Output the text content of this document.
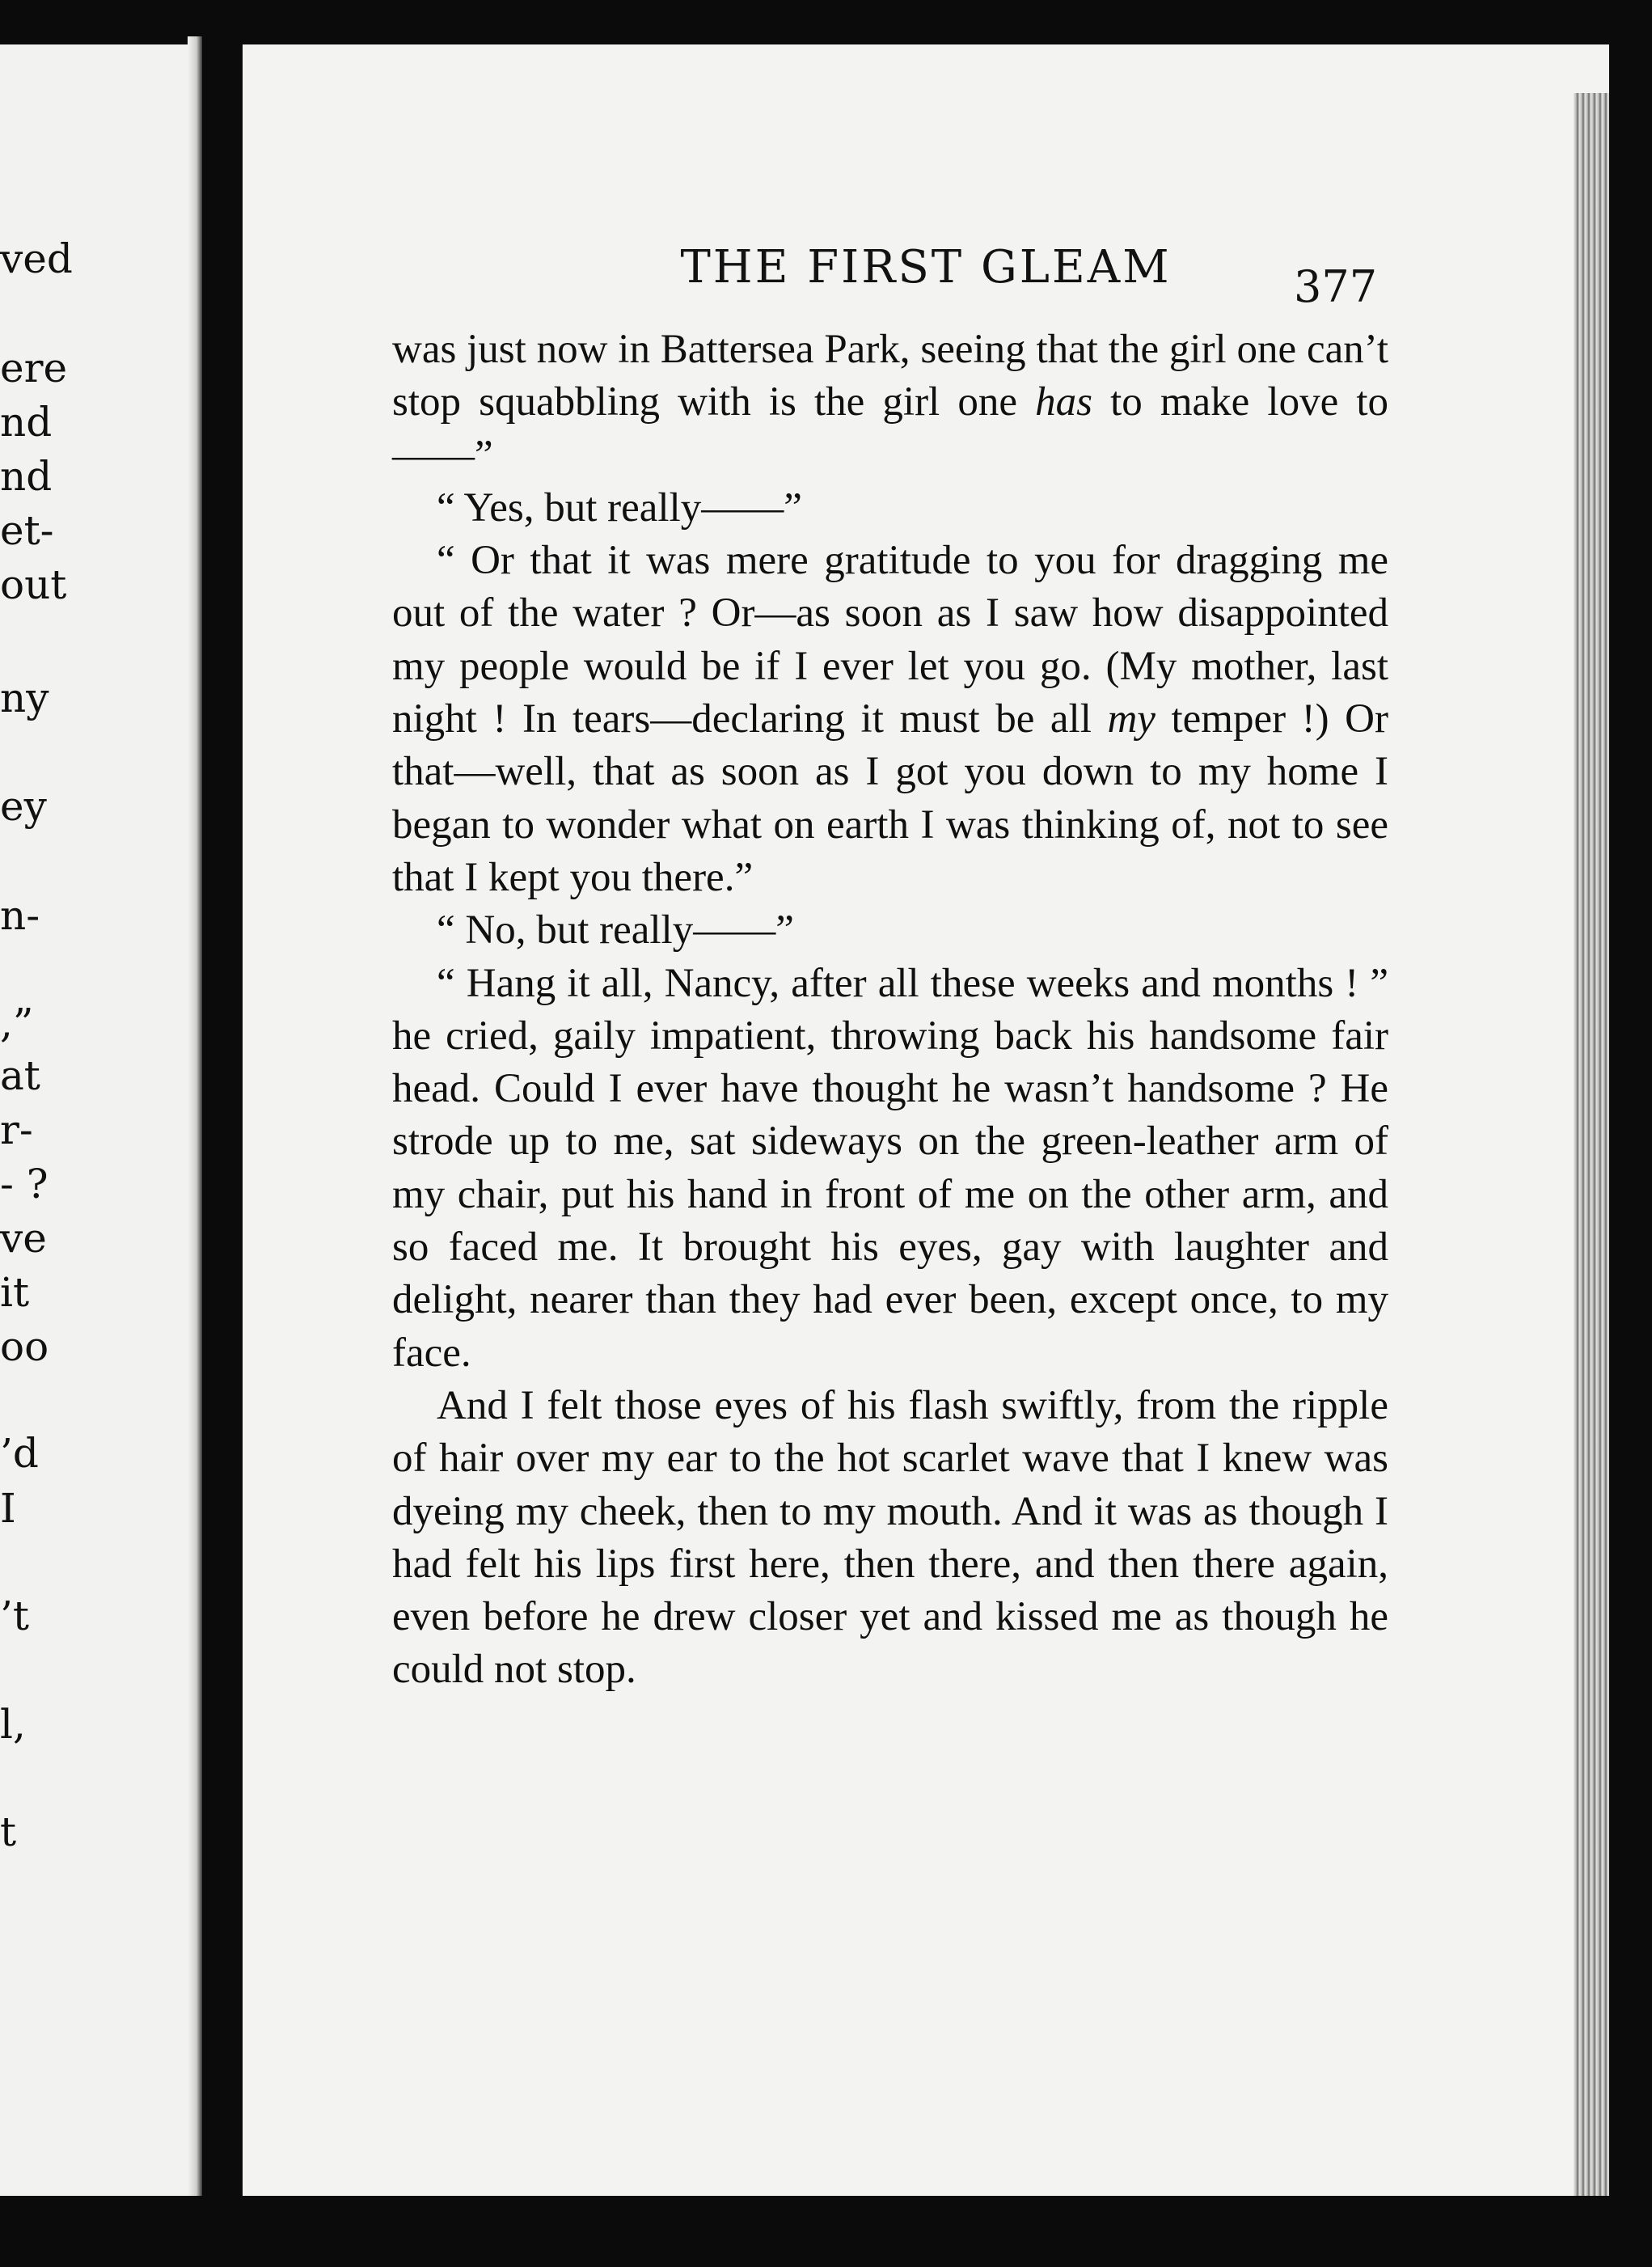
ved
ere
nd
nd
et-
out
ny
ey
n-
,”
at
r-
- ?
ve
it
oo
’d
I
’t
l,
t
THE FIRST GLEAM	377

was just now in Battersea Park, seeing that the girl one can’t stop squabbling with is the girl one has to make love to——”

“ Yes, but really——”

“ Or that it was mere gratitude to you for dragging me out of the water ? Or—as soon as I saw how disappointed my people would be if I ever let you go. (My mother, last night ! In tears—declaring it must be all my temper !) Or that—well, that as soon as I got you down to my home I began to wonder what on earth I was thinking of, not to see that I kept you there.”

“ No, but really——”

“ Hang it all, Nancy, after all these weeks and months ! ” he cried, gaily impatient, throwing back his handsome fair head. Could I ever have thought he wasn’t handsome ? He strode up to me, sat sideways on the green-leather arm of my chair, put his hand in front of me on the other arm, and so faced me. It brought his eyes, gay with laughter and delight, nearer than they had ever been, except once, to my face.

And I felt those eyes of his flash swiftly, from the ripple of hair over my ear to the hot scarlet wave that I knew was dyeing my cheek, then to my mouth. And it was as though I had felt his lips first here, then there, and then there again, even before he drew closer yet and kissed me as though he could not stop.
